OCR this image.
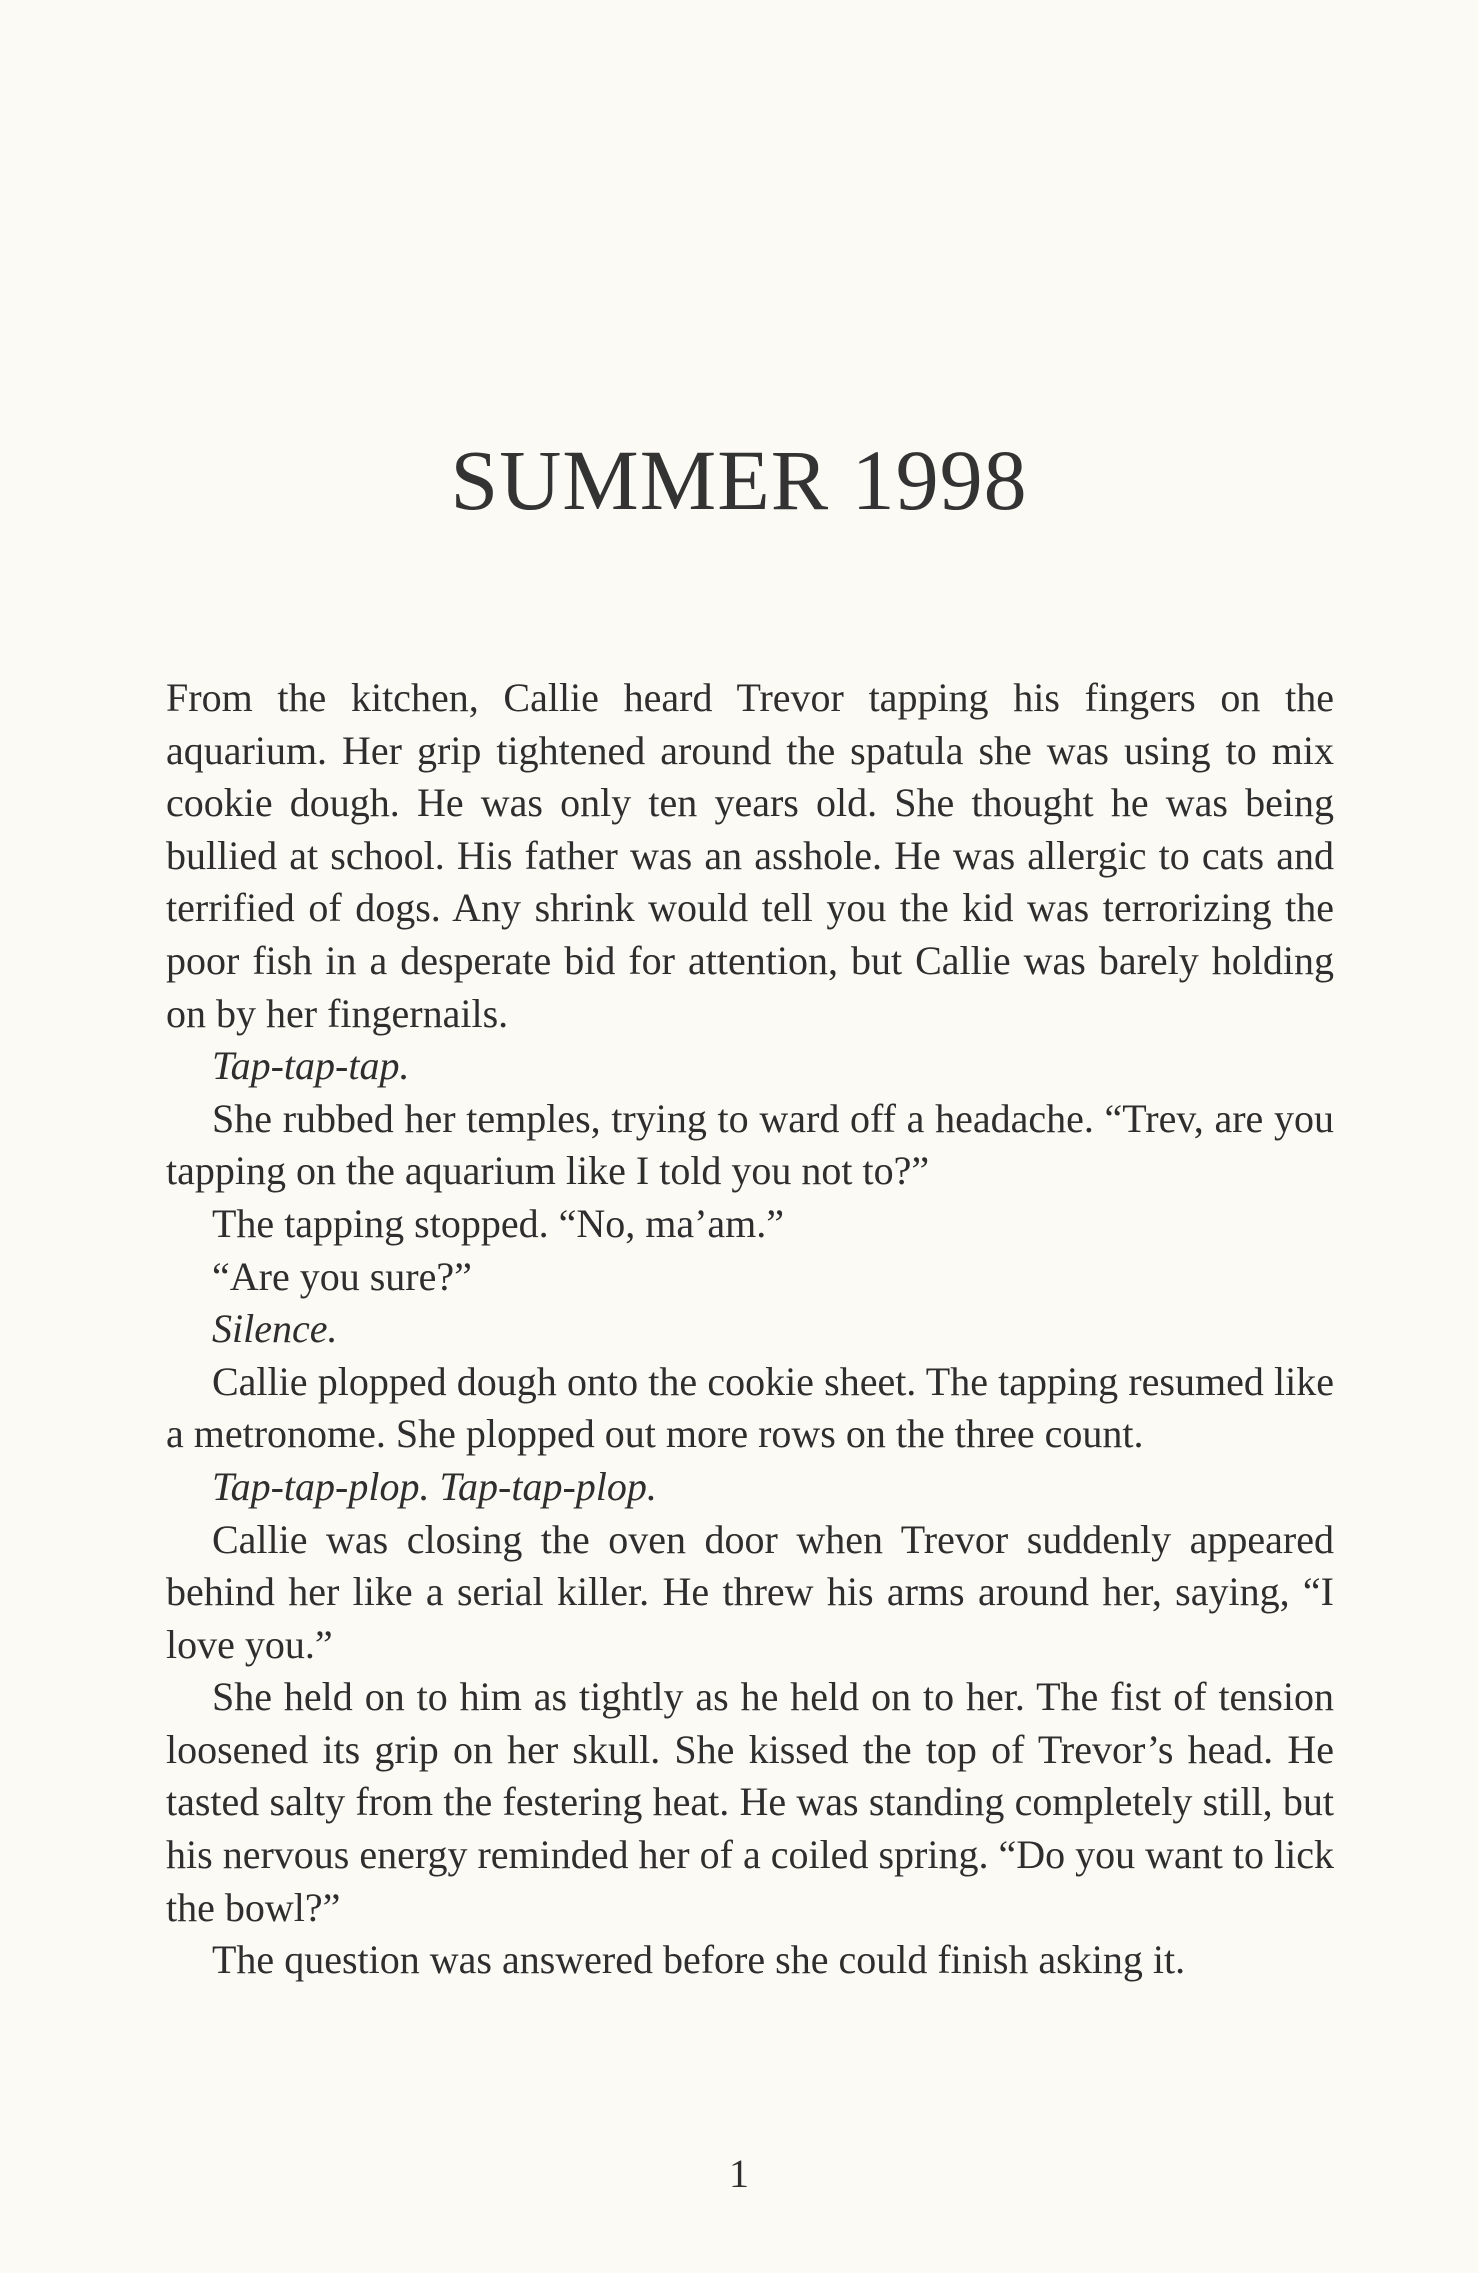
SUMMER 1998

From the kitchen, Callie heard Trevor tapping his fingers on the aquarium. Her grip tightened around the spatula she was using to mix cookie dough. He was only ten years old. She thought he was being bullied at school. His father was an asshole. He was allergic to cats and terrified of dogs. Any shrink would tell you the kid was terrorizing the poor fish in a desperate bid for attention, but Callie was barely holding on by her fingernails.

Tap-tap-tap.

She rubbed her temples, trying to ward off a headache. “Trev, are you tapping on the aquarium like I told you not to?”

The tapping stopped. “No, ma’am.”

“Are you sure?”

Silence.

Callie plopped dough onto the cookie sheet. The tapping resumed like a metronome. She plopped out more rows on the three count.

Tap-tap-plop. Tap-tap-plop.

Callie was closing the oven door when Trevor suddenly appeared behind her like a serial killer. He threw his arms around her, saying, “I love you.”

She held on to him as tightly as he held on to her. The fist of tension loosened its grip on her skull. She kissed the top of Trevor’s head. He tasted salty from the festering heat. He was standing completely still, but his nervous energy reminded her of a coiled spring. “Do you want to lick the bowl?”

The question was answered before she could finish asking it.

1
